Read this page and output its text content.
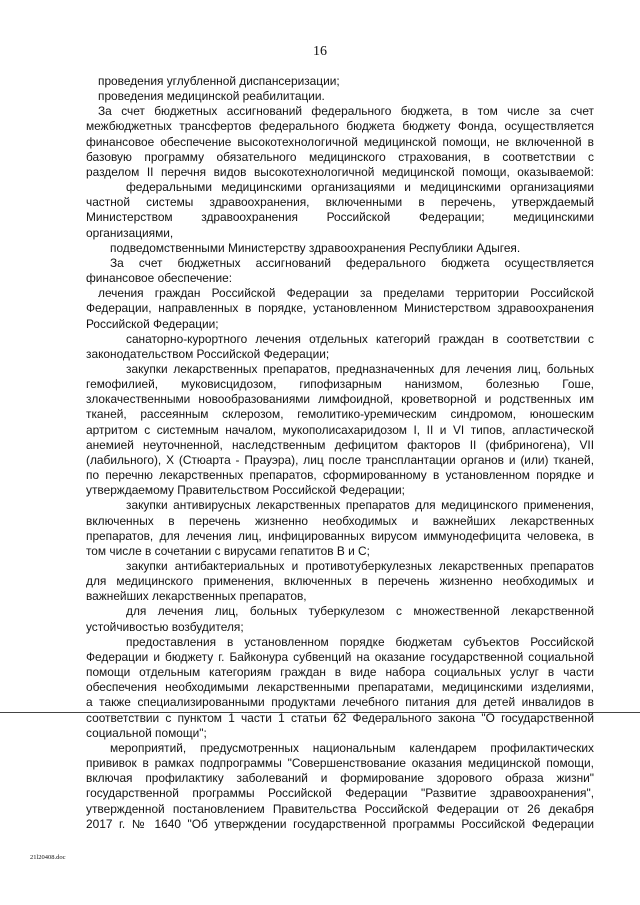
16

проведения углубленной диспансеризации;

проведения медицинской реабилитации.

За счет бюджетных ассигнований федерального бюджета, в том числе за счет

межбюджетных трансфертов федерального бюджета бюджету Фонда, осуществляется

финансовое обеспечение высокотехнологичной медицинской помощи, не включенной в

базовую программу обязательного медицинского страхования, в соответствии с

разделом II перечня видов высокотехнологичной медицинской помощи, оказываемой:

федеральными медицинскими организациями и медицинскими организациями

частной системы здравоохранения, включенными в перечень, утверждаемый

Министерством здравоохранения Российской Федерации; медицинскими

организациями,

подведомственными Министерству здравоохранения Республики Адыгея.

За счет бюджетных ассигнований федерального бюджета осуществляется

финансовое обеспечение:

лечения граждан Российской Федерации за пределами территории Российской

Федерации, направленных в порядке, установленном Министерством здравоохранения

Российской Федерации;

санаторно-курортного лечения отдельных категорий граждан в соответствии с

законодательством Российской Федерации;

закупки лекарственных препаратов, предназначенных для лечения лиц, больных

гемофилией, муковисцидозом, гипофизарным нанизмом, болезнью Гоше,

злокачественными новообразованиями лимфоидной, кроветворной и родственных им

тканей, рассеянным склерозом, гемолитико-уремическим синдромом, юношеским

артритом с системным началом, мукополисахаридозом I, II и VI типов, апластической

анемией неуточненной, наследственным дефицитом факторов II (фибриногена), VII

(лабильного), X (Стюарта - Прауэра), лиц после трансплантации органов и (или) тканей,

по перечню лекарственных препаратов, сформированному в установленном порядке и

утверждаемому Правительством Российской Федерации;

закупки антивирусных лекарственных препаратов для медицинского применения,

включенных в перечень жизненно необходимых и важнейших лекарственных

препаратов, для лечения лиц, инфицированных вирусом иммунодефицита человека, в

том числе в сочетании с вирусами гепатитов B и C;

закупки антибактериальных и противотуберкулезных лекарственных препаратов

для медицинского применения, включенных в перечень жизненно необходимых и

важнейших лекарственных препаратов,

для лечения лиц, больных туберкулезом с множественной лекарственной

устойчивостью возбудителя;

предоставления в установленном порядке бюджетам субъектов Российской

Федерации и бюджету г. Байконура субвенций на оказание государственной социальной

помощи отдельным категориям граждан в виде набора социальных услуг в части

обеспечения необходимыми лекарственными препаратами, медицинскими изделиями,

а также специализированными продуктами лечебного питания для детей инвалидов в

соответствии с пунктом 1 части 1 статьи 62 Федерального закона "О государственной

социальной помощи";

мероприятий, предусмотренных национальным календарем профилактических

прививок в рамках подпрограммы "Совершенствование оказания медицинской помощи,

включая профилактику заболеваний и формирование здорового образа жизни"

государственной программы Российской Федерации "Развитие здравоохранения",

утвержденной постановлением Правительства Российской Федерации от 26 декабря

2017 г. № 1640 "Об утверждении государственной программы Российской Федерации

21l20408.doc
